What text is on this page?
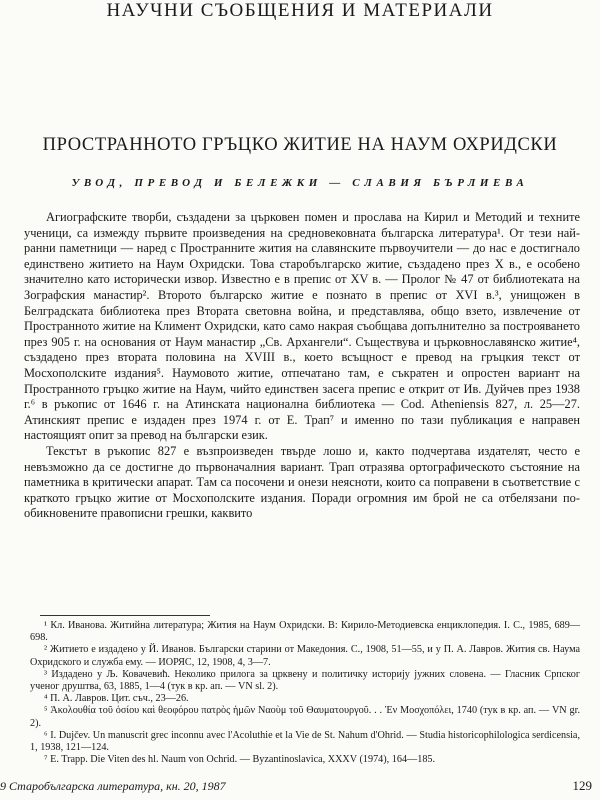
НАУЧНИ СЪОБЩЕНИЯ И МАТЕРИАЛИ
ПРОСТРАННОТО ГРЪЦКО ЖИТИЕ НА НАУМ ОХРИДСКИ
УВОД, ПРЕВОД И БЕЛЕЖКИ — СЛАВИЯ БЪРЛИЕВА

Агиографските творби, създадени за църковен помен и прослава на Кирил и Методий и техните ученици, са измежду първите произведения на средновековната българска литература¹. От тези най-ранни паметници — наред с Пространните жития на славянските първоучители — до нас е достигнало единствено житието на Наум Охридски. Това старобългарско житие, създадено през X в., е особено значително като исторически извор. Известно е в препис от XV в. — Пролог № 47 от библиотеката на Зографския манастир². Второто българско житие е познато в препис от XVI в.³, унищожен в Белградската библиотека през Втората световна война, и представлява, общо взето, извлечение от Пространното житие на Климент Охридски, като само накрая съобщава допълнително за построяването през 905 г. на основания от Наум манастир „Св. Архангели“. Съществува и църковнославянско житие⁴, създадено през втората половина на XVIII в., което всъщност е превод на гръцкия текст от Мосхополските издания⁵. Наумовото житие, отпечатано там, е съкратен и опростен вариант на Пространното гръцко житие на Наум, чийто единствен засега препис е открит от Ив. Дуйчев през 1938 г.⁶ в ръкопис от 1646 г. на Атинската национална библиотека — Cod. Atheniensis 827, л. 25—27. Атинският препис е издаден през 1974 г. от Е. Трап⁷ и именно по тази публикация е направен настоящият опит за превод на български език.

Текстът в ръкопис 827 е възпроизведен твърде лошо и, както подчертава издателят, често е невъзможно да се достигне до първоначалния вариант. Трап отразява ортографическото състояние на паметника в критически апарат. Там са посочени и онези неясноти, които са поправени в съответствие с краткото гръцко житие от Мосхополските издания. Поради огромния им брой не са отбелязани по-обикновените правописни грешки, каквито

¹ Кл. Иванова. Житийна литература; Жития на Наум Охридски. В: Кирило-Методиевска енциклопедия. I. С., 1985, 689—698.

² Житието е издадено у Й. Иванов. Български старини от Македония. С., 1908, 51—55, и у П. А. Лавров. Жития св. Наума Охридского и служба ему. — ИОРЯС, 12, 1908, 4, 3—7.

³ Издадено у Љ. Ковачевић. Неколико прилога за црквену и политичку историју јужних словена. — Гласник Српског ученог друштва, 63, 1885, 1—4 (тук в кр. ап. — VN sl. 2).

⁴ П. А. Лавров. Цит. съч., 23—26.

⁵ Ἀκολουθία τοῦ ὁσίου καὶ θεοφόρου πατρὸς ἡμῶν Ναοὺμ τοῦ Θαυματουργοῦ. . . Ἐν Μοσχοπόλει, 1740 (тук в кр. ап. — VN gr. 2).

⁶ I. Dujčev. Un manuscrit grec inconnu avec l'Acoluthie et la Vie de St. Nahum d'Ohrid. — Studia historicophilologica serdicensia, 1, 1938, 121—124.

⁷ E. Trapp. Die Viten des hl. Naum von Ochrid. — Byzantinoslavica, XXXV (1974), 164—185.

9 Старобългарска литература, кн. 20, 1987	129
